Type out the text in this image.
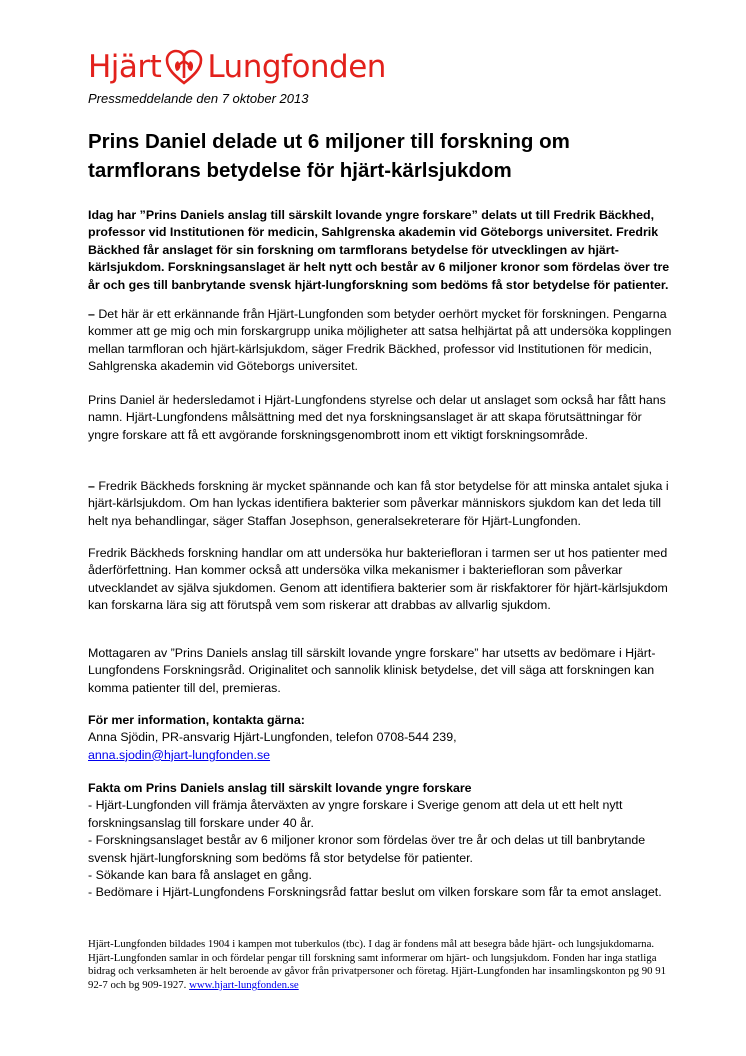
Hjärt Lungfonden
Pressmeddelande den 7 oktober 2013
Prins Daniel delade ut 6 miljoner till forskning om tarmflorans betydelse för hjärt-kärlsjukdom

Idag har ”Prins Daniels anslag till särskilt lovande yngre forskare” delats ut till Fredrik Bäckhed, professor vid Institutionen för medicin, Sahlgrenska akademin vid Göteborgs universitet. Fredrik Bäckhed får anslaget för sin forskning om tarmflorans betydelse för utvecklingen av hjärt-kärlsjukdom. Forskningsanslaget är helt nytt och består av 6 miljoner kronor som fördelas över tre år och ges till banbrytande svensk hjärt-lungforskning som bedöms få stor betydelse för patienter.

– Det här är ett erkännande från Hjärt-Lungfonden som betyder oerhört mycket för forskningen. Pengarna kommer att ge mig och min forskargrupp unika möjligheter att satsa helhjärtat på att undersöka kopplingen mellan tarmfloran och hjärt-kärlsjukdom, säger Fredrik Bäckhed, professor vid Institutionen för medicin, Sahlgrenska akademin vid Göteborgs universitet.

Prins Daniel är hedersledamot i Hjärt-Lungfondens styrelse och delar ut anslaget som också har fått hans namn. Hjärt-Lungfondens målsättning med det nya forskningsanslaget är att skapa förutsättningar för yngre forskare att få ett avgörande forskningsgenombrott inom ett viktigt forskningsområde.

– Fredrik Bäckheds forskning är mycket spännande och kan få stor betydelse för att minska antalet sjuka i hjärt-kärlsjukdom. Om han lyckas identifiera bakterier som påverkar människors sjukdom kan det leda till helt nya behandlingar, säger Staffan Josephson, generalsekreterare för Hjärt-Lungfonden.

Fredrik Bäckheds forskning handlar om att undersöka hur bakteriefloran i tarmen ser ut hos patienter med åderförfettning. Han kommer också att undersöka vilka mekanismer i bakteriefloran som påverkar utvecklandet av själva sjukdomen. Genom att identifiera bakterier som är riskfaktorer för hjärt-kärlsjukdom kan forskarna lära sig att förutspå vem som riskerar att drabbas av allvarlig sjukdom.

Mottagaren av ”Prins Daniels anslag till särskilt lovande yngre forskare” har utsetts av bedömare i Hjärt-Lungfondens Forskningsråd. Originalitet och sannolik klinisk betydelse, det vill säga att forskningen kan komma patienter till del, premieras.

För mer information, kontakta gärna:
Anna Sjödin, PR-ansvarig Hjärt-Lungfonden, telefon 0708-544 239,
anna.sjodin@hjart-lungfonden.se
Fakta om Prins Daniels anslag till särskilt lovande yngre forskare
- Hjärt-Lungfonden vill främja återväxten av yngre forskare i Sverige genom att dela ut ett helt nytt forskningsanslag till forskare under 40 år.
- Forskningsanslaget består av 6 miljoner kronor som fördelas över tre år och delas ut till banbrytande svensk hjärt-lungforskning som bedöms få stor betydelse för patienter.
- Sökande kan bara få anslaget en gång.
- Bedömare i Hjärt-Lungfondens Forskningsråd fattar beslut om vilken forskare som får ta emot anslaget.

Hjärt-Lungfonden bildades 1904 i kampen mot tuberkulos (tbc). I dag är fondens mål att besegra både hjärt- och lungsjukdomarna. Hjärt-Lungfonden samlar in och fördelar pengar till forskning samt informerar om hjärt- och lungsjukdom. Fonden har inga statliga bidrag och verksamheten är helt beroende av gåvor från privatpersoner och företag. Hjärt-Lungfonden har insamlingskonton pg 90 91 92-7 och bg 909-1927. www.hjart-lungfonden.se
